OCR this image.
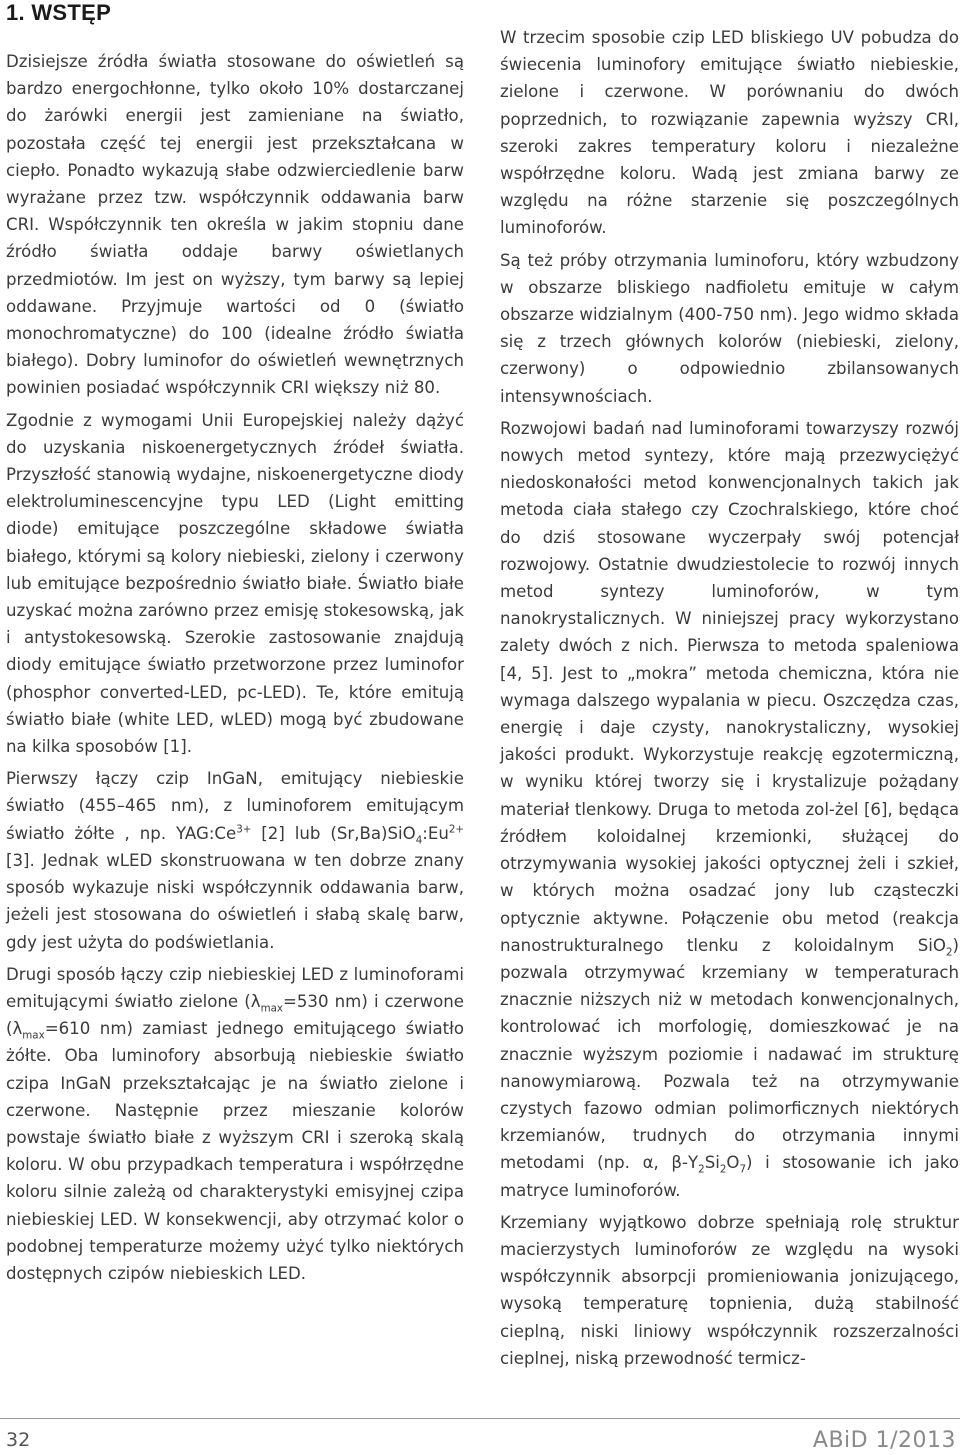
1. WSTĘP

Dzisiejsze źródła światła stosowane do oświetleń są bardzo energochłonne, tylko około 10% dostarczanej do żarówki energii jest zamieniane na światło, pozostała część tej energii jest przekształcana w ciepło. Ponadto wykazują słabe odzwierciedlenie barw wyrażane przez tzw. współczynnik oddawania barw CRI. Współczynnik ten określa w jakim stopniu dane źródło światła oddaje barwy oświetlanych przedmiotów. Im jest on wyższy, tym barwy są lepiej oddawane. Przyjmuje wartości od 0 (światło monochromatyczne) do 100 (idealne źródło światła białego). Dobry luminofor do oświetleń wewnętrznych powinien posiadać współczynnik CRI większy niż 80.

Zgodnie z wymogami Unii Europejskiej należy dążyć do uzyskania niskoenergetycznych źródeł światła. Przyszłość stanowią wydajne, niskoenergetyczne diody elektroluminescencyjne typu LED (Light emitting diode) emitujące poszczególne składowe światła białego, którymi są kolory niebieski, zielony i czerwony lub emitujące bezpośrednio światło białe. Światło białe uzyskać można zarówno przez emisję stokesowską, jak i antystokesowską. Szerokie zastosowanie znajdują diody emitujące światło przetworzone przez luminofor (phosphor converted-LED, pc-LED). Te, które emitują światło białe (white LED, wLED) mogą być zbudowane na kilka sposobów [1].

Pierwszy łączy czip InGaN, emitujący niebieskie światło (455–465 nm), z luminoforem emitującym światło żółte , np. $YAG:Ce^{3+}$ [2] lub $(Sr,Ba)SiO_4:Eu^{2+}$ [3]. Jednak wLED skonstruowana w ten dobrze znany sposób wykazuje niski współczynnik oddawania barw, jeżeli jest stosowana do oświetleń i słabą skalę barw, gdy jest użyta do podświetlania.

Drugi sposób łączy czip niebieskiej LED z luminoforami emitującymi światło zielone ($\lambda_{max}=530$ nm) i czerwone ($\lambda_{max}=610$ nm) zamiast jednego emitującego światło żółte. Oba luminofory absorbują niebieskie światło czipa InGaN przekształcając je na światło zielone i czerwone. Następnie przez mieszanie kolorów powstaje światło białe z wyższym CRI i szeroką skalą koloru. W obu przypadkach temperatura i współrzędne koloru silnie zależą od charakterystyki emisyjnej czipa niebieskiej LED. W konsekwencji, aby otrzymać kolor o podobnej temperaturze możemy użyć tylko niektórych dostępnych czipów niebieskich LED.

W trzecim sposobie czip LED bliskiego UV pobudza do świecenia luminofory emitujące światło niebieskie, zielone i czerwone. W porównaniu do dwóch poprzednich, to rozwiązanie zapewnia wyższy CRI, szeroki zakres temperatury koloru i niezależne współrzędne koloru. Wadą jest zmiana barwy ze względu na różne starzenie się poszczególnych luminoforów.

Są też próby otrzymania luminoforu, który wzbudzony w obszarze bliskiego nadfioletu emituje w całym obszarze widzialnym (400-750 nm). Jego widmo składa się z trzech głównych kolorów (niebieski, zielony, czerwony) o odpowiednio zbilansowanych intensywnościach.

Rozwojowi badań nad luminoforami towarzyszy rozwój nowych metod syntezy, które mają przezwyciężyć niedoskonałości metod konwencjonalnych takich jak metoda ciała stałego czy Czochralskiego, które choć do dziś stosowane wyczerpały swój potencjał rozwojowy. Ostatnie dwudziestolecie to rozwój innych metod syntezy luminoforów, w tym nanokrystalicznych. W niniejszej pracy wykorzystano zalety dwóch z nich. Pierwsza to metoda spaleniowa [4, 5]. Jest to „mokra” metoda chemiczna, która nie wymaga dalszego wypalania w piecu. Oszczędza czas, energię i daje czysty, nanokrystaliczny, wysokiej jakości produkt. Wykorzystuje reakcję egzotermiczną, w wyniku której tworzy się i krystalizuje pożądany materiał tlenkowy. Druga to metoda zol-żel [6], będąca źródłem koloidalnej krzemionki, służącej do otrzymywania wysokiej jakości optycznej żeli i szkieł, w których można osadzać jony lub cząsteczki optycznie aktywne. Połączenie obu metod (reakcja nanostrukturalnego tlenku z koloidalnym SiO$_2$) pozwala otrzymywać krzemiany w temperaturach znacznie niższych niż w metodach konwencjonalnych, kontrolować ich morfologię, domieszkować je na znacznie wyższym poziomie i nadawać im strukturę nanowymiarową. Pozwala też na otrzymywanie czystych fazowo odmian polimorficznych niektórych krzemianów, trudnych do otrzymania innymi metodami (np. α, $\beta-Y_2Si_2O_7$) i stosowanie ich jako matryce luminoforów.

Krzemiany wyjątkowo dobrze spełniają rolę struktur macierzystych luminoforów ze względu na wysoki współczynnik absorpcji promieniowania jonizującego, wysoką temperaturę topnienia, dużą stabilność cieplną, niski liniowy współczynnik rozszerzalności cieplnej, niską przewodność termicz-

32	ABiD 1/2013
